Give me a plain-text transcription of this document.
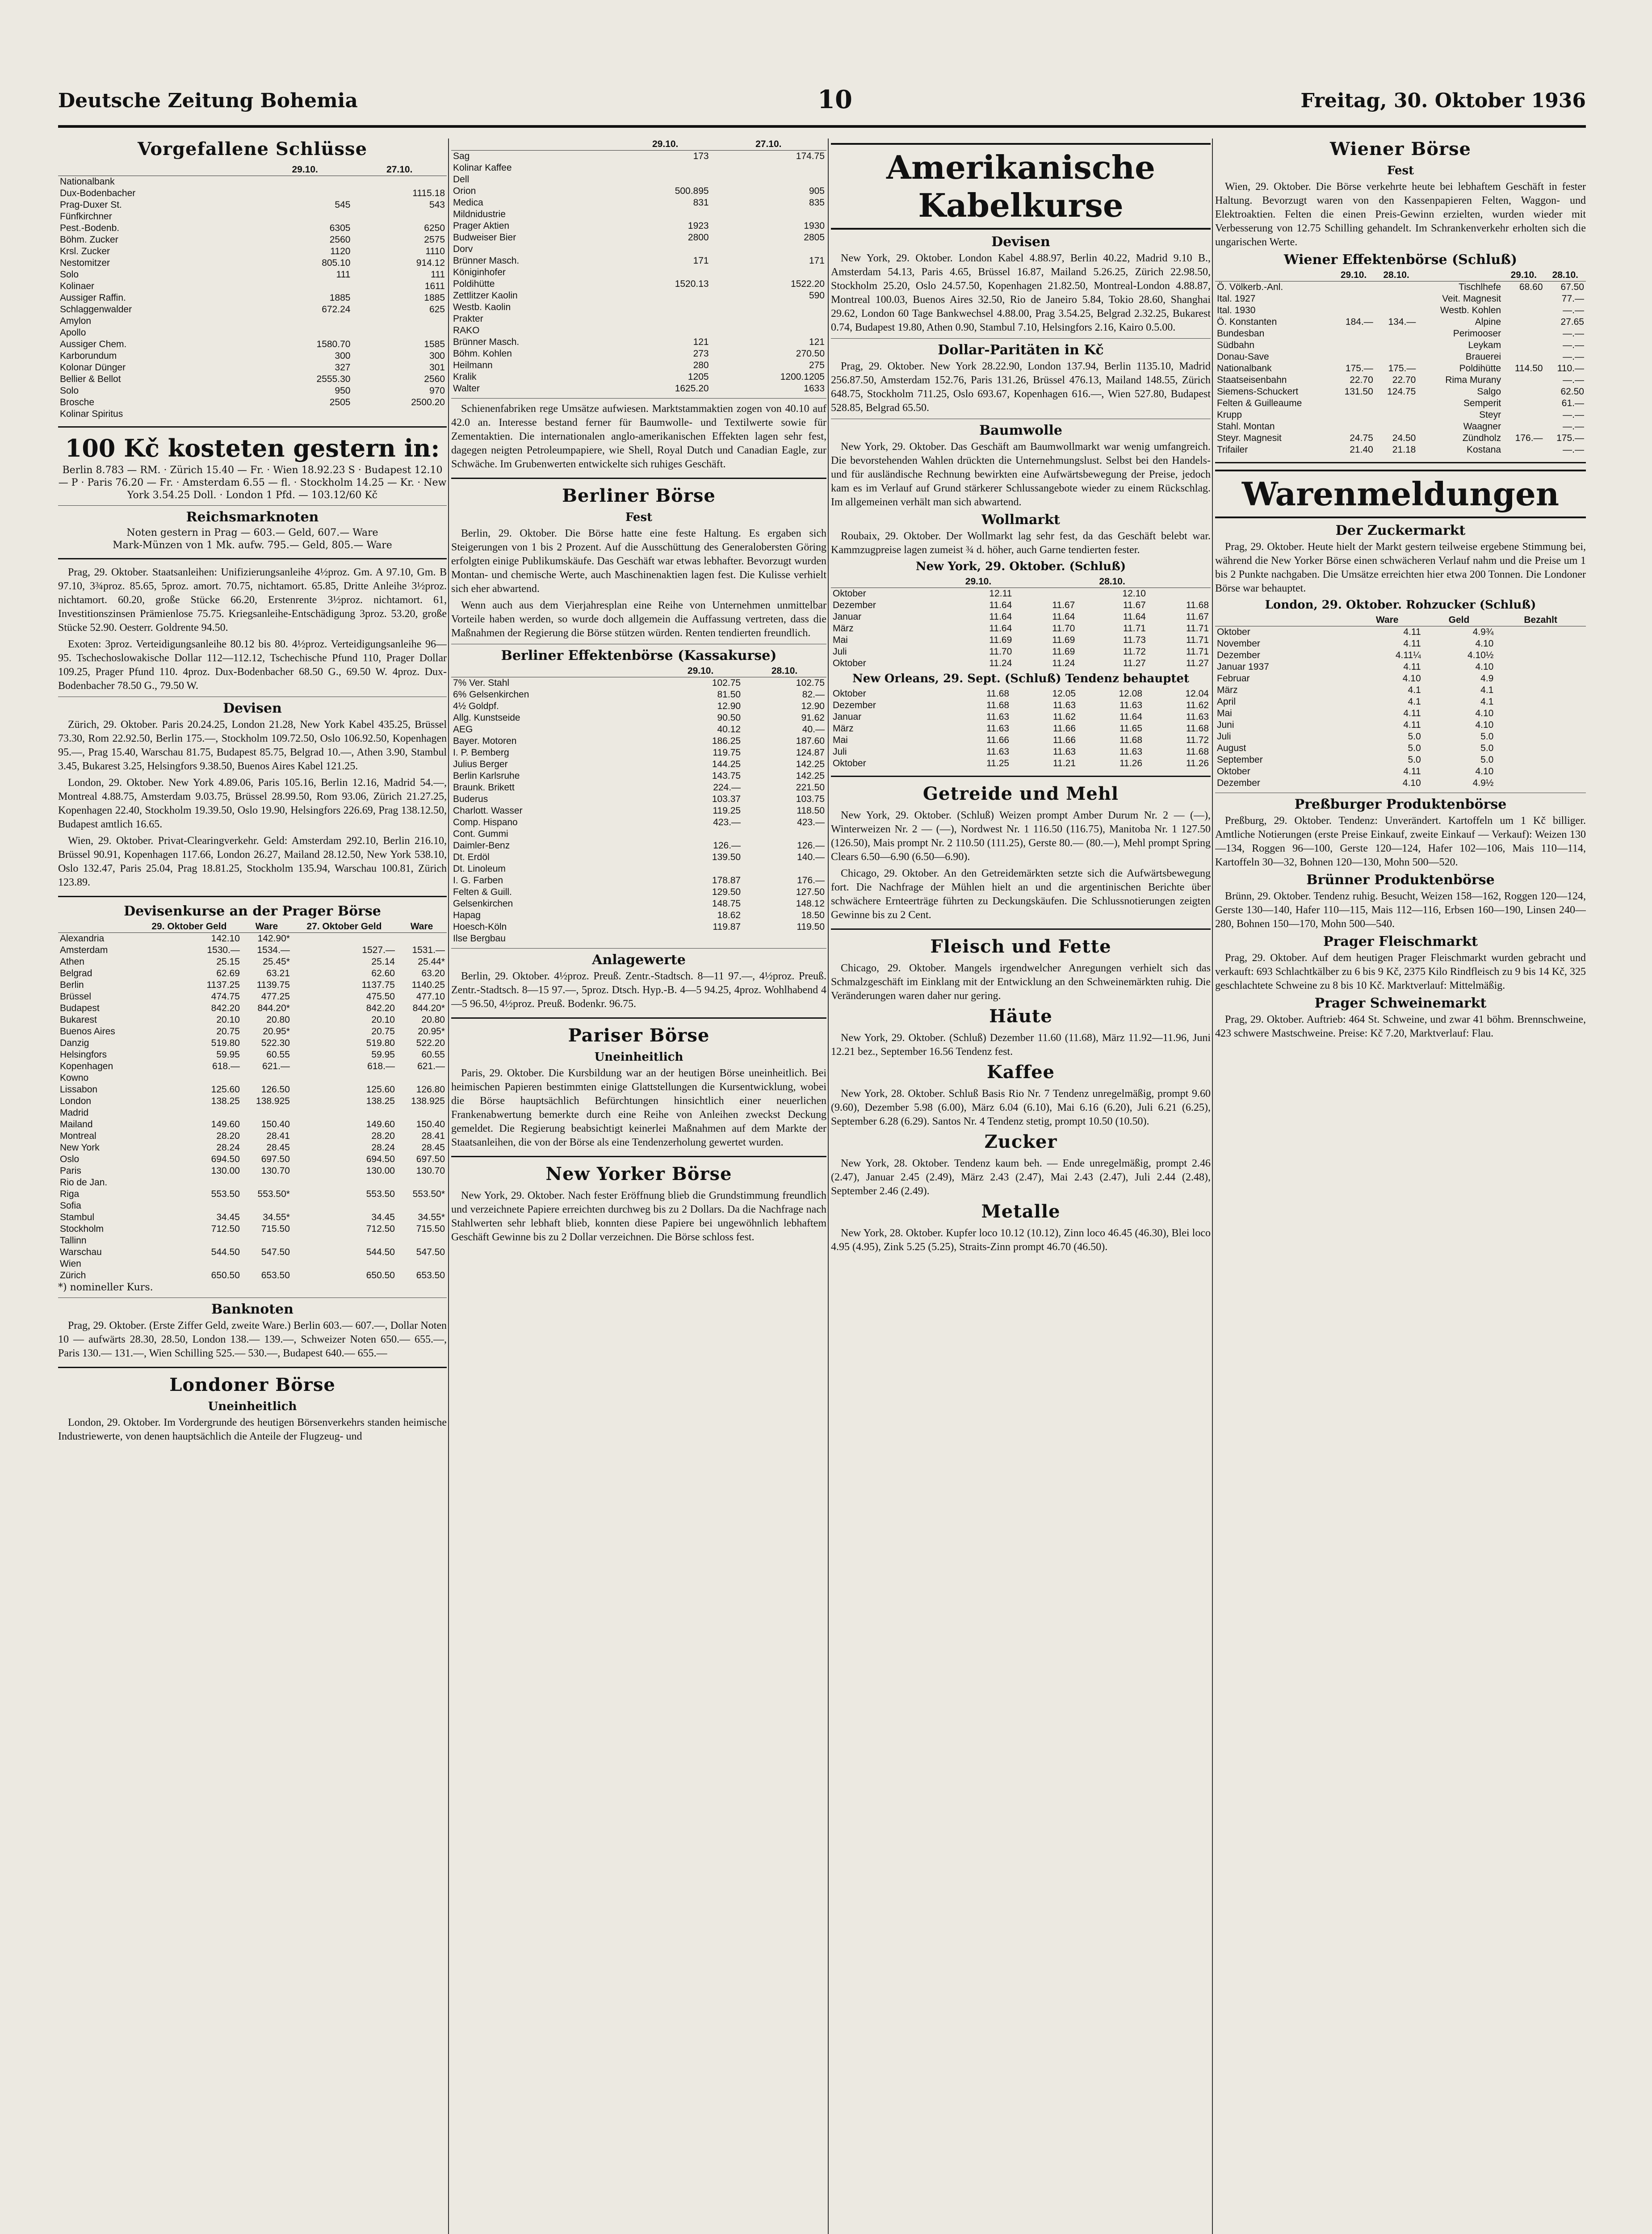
Deutsche Zeitung Bohemia	10	Freitag, 30. Oktober 1936
Vorgefallene Schlüsse
	29.10.	27.10.
Nationalbank		
Dux-Bodenbacher		1115.18
Prag-Duxer St.	545	543
Fünfkirchner		
Pest.-Bodenb.	6305	6250
Böhm. Zucker	2560	2575
Krsl. Zucker	1120	1110
Nestomitzer	805.10	914.12
Solo	111	111
Kolinaer		1611
Aussiger Raffin.	1885	1885
Schlaggenwalder	672.24	625
Amylon		
Apollo		
Aussiger Chem.	1580.70	1585
Karborundum	300	300
Kolonar Dünger	327	301
Bellier & Bellot	2555.30	2560
Solo	950	970
Brosche	2505	2500.20
Kolinar Spiritus		
100 Kč kosteten gestern in:

Berlin 8.783 — RM. · Zürich 15.40 — Fr. · Wien 18.92.23 S · Budapest 12.10 — P · Paris 76.20 — Fr. · Amsterdam 6.55 — fl. · Stockholm 14.25 — Kr. · New York 3.54.25 Doll. · London 1 Pfd. — 103.12/60 Kč

Reichsmarknoten

Noten gestern in Prag — 603.— Geld, 607.— Ware

Mark-Münzen von 1 Mk. aufw. 795.— Geld, 805.— Ware

Prag, 29. Oktober. Staatsanleihen: Unifizierungsanleihe 4½proz. Gm. A 97.10, Gm. B 97.10, 3¾proz. 85.65, 5proz. amort. 70.75, nichtamort. 65.85, Dritte Anleihe 3½proz. nichtamort. 60.20, große Stücke 66.20, Erstenrente 3½proz. nichtamort. 61, Investitionszinsen Prämienlose 75.75. Kriegsanleihe-Entschädigung 3proz. 53.20, große Stücke 52.90. Oesterr. Goldrente 94.50.

Exoten: 3proz. Verteidigungsanleihe 80.12 bis 80. 4½proz. Verteidigungsanleihe 96—95. Tschechoslowakische Dollar 112—112.12, Tschechische Pfund 110, Prager Dollar 109.25, Prager Pfund 110. 4proz. Dux-Bodenbacher 68.50 G., 69.50 W. 4proz. Dux-Bodenbacher 78.50 G., 79.50 W.

Devisen

Zürich, 29. Oktober. Paris 20.24.25, London 21.28, New York Kabel 435.25, Brüssel 73.30, Rom 22.92.50, Berlin 175.—, Stockholm 109.72.50, Oslo 106.92.50, Kopenhagen 95.—, Prag 15.40, Warschau 81.75, Budapest 85.75, Belgrad 10.—, Athen 3.90, Stambul 3.45, Bukarest 3.25, Helsingfors 9.38.50, Buenos Aires Kabel 121.25.

London, 29. Oktober. New York 4.89.06, Paris 105.16, Berlin 12.16, Madrid 54.—, Montreal 4.88.75, Amsterdam 9.03.75, Brüssel 28.99.50, Rom 93.06, Zürich 21.27.25, Kopenhagen 22.40, Stockholm 19.39.50, Oslo 19.90, Helsingfors 226.69, Prag 138.12.50, Budapest amtlich 16.65.

Wien, 29. Oktober. Privat-Clearingverkehr. Geld: Amsterdam 292.10, Berlin 216.10, Brüssel 90.91, Kopenhagen 117.66, London 26.27, Mailand 28.12.50, New York 538.10, Oslo 132.47, Paris 25.04, Prag 18.81.25, Stockholm 135.94, Warschau 100.81, Zürich 123.89.

Devisenkurse an der Prager Börse
	29. Oktober Geld	Ware	27. Oktober Geld	Ware
Alexandria	142.10	142.90*		
Amsterdam	1530.—	1534.—	1527.—	1531.—
Athen	25.15	25.45*	25.14	25.44*
Belgrad	62.69	63.21	62.60	63.20
Berlin	1137.25	1139.75	1137.75	1140.25
Brüssel	474.75	477.25	475.50	477.10
Budapest	842.20	844.20*	842.20	844.20*
Bukarest	20.10	20.80	20.10	20.80
Buenos Aires	20.75	20.95*	20.75	20.95*
Danzig	519.80	522.30	519.80	522.20
Helsingfors	59.95	60.55	59.95	60.55
Kopenhagen	618.—	621.—	618.—	621.—
Kowno				
Lissabon	125.60	126.50	125.60	126.80
London	138.25	138.925	138.25	138.925
Madrid				
Mailand	149.60	150.40	149.60	150.40
Montreal	28.20	28.41	28.20	28.41
New York	28.24	28.45	28.24	28.45
Oslo	694.50	697.50	694.50	697.50
Paris	130.00	130.70	130.00	130.70
Rio de Jan.				
Riga	553.50	553.50*	553.50	553.50*
Sofia				
Stambul	34.45	34.55*	34.45	34.55*
Stockholm	712.50	715.50	712.50	715.50
Tallinn				
Warschau	544.50	547.50	544.50	547.50
Wien				
Zürich	650.50	653.50	650.50	653.50

*) nomineller Kurs.

Banknoten

Prag, 29. Oktober. (Erste Ziffer Geld, zweite Ware.) Berlin 603.— 607.—, Dollar Noten 10 — aufwärts 28.30, 28.50, London 138.— 139.—, Schweizer Noten 650.— 655.—, Paris 130.— 131.—, Wien Schilling 525.— 530.—, Budapest 640.— 655.—

Londoner Börse
Uneinheitlich

London, 29. Oktober. Im Vordergrunde des heutigen Börsenverkehrs standen heimische Industriewerte, von denen hauptsächlich die Anteile der Flugzeug- und

	29.10.	27.10.
Sag	173	174.75
Kolinar Kaffee		
Dell		
Orion	500.895	905
Medica	831	835
Mildnidustrie		
Prager Aktien	1923	1930
Budweiser Bier	2800	2805
Dorv		
Brünner Masch.	171	171
Königinhofer		
Poldihütte	1520.13	1522.20
Zettlitzer Kaolin		590
Westb. Kaolin		
Prakter		
RAKO		
Brünner Masch.	121	121
Böhm. Kohlen	273	270.50
Heilmann	280	275
Kralik	1205	1200.1205
Walter	1625.20	1633

Schienenfabriken rege Umsätze aufwiesen. Marktstammaktien zogen von 40.10 auf 42.0 an. Interesse bestand ferner für Baumwolle- und Textilwerte sowie für Zementaktien. Die internationalen anglo-amerikanischen Effekten lagen sehr fest, dagegen neigten Petroleumpapiere, wie Shell, Royal Dutch und Canadian Eagle, zur Schwäche. Im Grubenwerten entwickelte sich ruhiges Geschäft.

Berliner Börse
Fest

Berlin, 29. Oktober. Die Börse hatte eine feste Haltung. Es ergaben sich Steigerungen von 1 bis 2 Prozent. Auf die Ausschüttung des Generalobersten Göring erfolgten einige Publikumskäufe. Das Geschäft war etwas lebhafter. Bevorzugt wurden Montan- und chemische Werte, auch Maschinenaktien lagen fest. Die Kulisse verhielt sich eher abwartend.

Wenn auch aus dem Vierjahresplan eine Reihe von Unternehmen unmittelbar Vorteile haben werden, so wurde doch allgemein die Auffassung vertreten, dass die Maßnahmen der Regierung die Börse stützen würden. Renten tendierten freundlich.

Berliner Effektenbörse (Kassakurse)
	29.10.	28.10.
7% Ver. Stahl	102.75	102.75
6% Gelsenkirchen	81.50	82.—
4½ Goldpf.	12.90	12.90
Allg. Kunstseide	90.50	91.62
AEG	40.12	40.—
Bayer. Motoren	186.25	187.60
I. P. Bemberg	119.75	124.87
Julius Berger	144.25	142.25
Berlin Karlsruhe	143.75	142.25
Braunk. Brikett	224.—	221.50
Buderus	103.37	103.75
Charlott. Wasser	119.25	118.50
Comp. Hispano	423.—	423.—
Cont. Gummi		
Daimler-Benz	126.—	126.—
Dt. Erdöl	139.50	140.—
Dt. Linoleum		
I. G. Farben	178.87	176.—
Felten & Guill.	129.50	127.50
Gelsenkirchen	148.75	148.12
Hapag	18.62	18.50
Hoesch-Köln	119.87	119.50
Ilse Bergbau		
Anlagewerte

Berlin, 29. Oktober. 4½proz. Preuß. Zentr.-Stadtsch. 8—11 97.—, 4½proz. Preuß. Zentr.-Stadtsch. 8—15 97.—, 5proz. Dtsch. Hyp.-B. 4—5 94.25, 4proz. Wohlhabend 4—5 96.50, 4½proz. Preuß. Bodenkr. 96.75.

Pariser Börse
Uneinheitlich

Paris, 29. Oktober. Die Kursbildung war an der heutigen Börse uneinheitlich. Bei heimischen Papieren bestimmten einige Glattstellungen die Kursentwicklung, wobei die Börse hauptsächlich Befürchtungen hinsichtlich einer neuerlichen Frankenabwertung bemerkte durch eine Reihe von Anleihen zweckst Deckung gemeldet. Die Regierung beabsichtigt keinerlei Maßnahmen auf dem Markte der Staatsanleihen, die von der Börse als eine Tendenzerholung gewertet wurden.

New Yorker Börse

New York, 29. Oktober. Nach fester Eröffnung blieb die Grundstimmung freundlich und verzeichnete Papiere erreichten durchweg bis zu 2 Dollars. Da die Nachfrage nach Stahlwerten sehr lebhaft blieb, konnten diese Papiere bei ungewöhnlich lebhaftem Geschäft Gewinne bis zu 2 Dollar verzeichnen. Die Börse schloss fest.

Amerikanische Kabelkurse
Devisen

New York, 29. Oktober. London Kabel 4.88.97, Berlin 40.22, Madrid 9.10 B., Amsterdam 54.13, Paris 4.65, Brüssel 16.87, Mailand 5.26.25, Zürich 22.98.50, Stockholm 25.20, Oslo 24.57.50, Kopenhagen 21.82.50, Montreal-London 4.88.87, Montreal 100.03, Buenos Aires 32.50, Rio de Janeiro 5.84, Tokio 28.60, Shanghai 29.62, London 60 Tage Bankwechsel 4.88.00, Prag 3.54.25, Belgrad 2.32.25, Bukarest 0.74, Budapest 19.80, Athen 0.90, Stambul 7.10, Helsingfors 2.16, Kairo 0.5.00.

Dollar-Paritäten in Kč

Prag, 29. Oktober. New York 28.22.90, London 137.94, Berlin 1135.10, Madrid 256.87.50, Amsterdam 152.76, Paris 131.26, Brüssel 476.13, Mailand 148.55, Zürich 648.75, Stockholm 711.25, Oslo 693.67, Kopenhagen 616.—, Wien 527.80, Budapest 528.85, Belgrad 65.50.

Baumwolle

New York, 29. Oktober. Das Geschäft am Baumwollmarkt war wenig umfangreich. Die bevorstehenden Wahlen drückten die Unternehmungslust. Selbst bei den Handels- und für ausländische Rechnung bewirkten eine Aufwärtsbewegung der Preise, jedoch kam es im Verlauf auf Grund stärkerer Schlussangebote wieder zu einem Rückschlag. Im allgemeinen verhält man sich abwartend.

Wollmarkt

Roubaix, 29. Oktober. Der Wollmarkt lag sehr fest, da das Geschäft belebt war. Kammzugpreise lagen zumeist ¾ d. höher, auch Garne tendierten fester.

New York, 29. Oktober. (Schluß)
	29.10.		28.10.	
Oktober	12.11		12.10	
Dezember	11.64	11.67	11.67	11.68
Januar	11.64	11.64	11.64	11.67
März	11.64	11.70	11.71	11.71
Mai	11.69	11.69	11.73	11.71
Juli	11.70	11.69	11.72	11.71
Oktober	11.24	11.24	11.27	11.27
New Orleans, 29. Sept. (Schluß) Tendenz behauptet
Oktober	11.68	12.05	12.08	12.04
Dezember	11.68	11.63	11.63	11.62
Januar	11.63	11.62	11.64	11.63
März	11.63	11.66	11.65	11.68
Mai	11.66	11.66	11.68	11.72
Juli	11.63	11.63	11.63	11.68
Oktober	11.25	11.21	11.26	11.26
Getreide und Mehl

New York, 29. Oktober. (Schluß) Weizen prompt Amber Durum Nr. 2 — (—), Winterweizen Nr. 2 — (—), Nordwest Nr. 1 116.50 (116.75), Manitoba Nr. 1 127.50 (126.50), Mais prompt Nr. 2 110.50 (111.25), Gerste 80.— (80.—), Mehl prompt Spring Clears 6.50—6.90 (6.50—6.90).

Chicago, 29. Oktober. An den Getreidemärkten setzte sich die Aufwärtsbewegung fort. Die Nachfrage der Mühlen hielt an und die argentinischen Berichte über schwächere Ernteerträge führten zu Deckungskäufen. Die Schlussnotierungen zeigten Gewinne bis zu 2 Cent.

Fleisch und Fette

Chicago, 29. Oktober. Mangels irgendwelcher Anregungen verhielt sich das Schmalzgeschäft im Einklang mit der Entwicklung an den Schweinemärkten ruhig. Die Veränderungen waren daher nur gering.

Häute

New York, 29. Oktober. (Schluß) Dezember 11.60 (11.68), März 11.92—11.96, Juni 12.21 bez., September 16.56 Tendenz fest.

Kaffee

New York, 28. Oktober. Schluß Basis Rio Nr. 7 Tendenz unregelmäßig, prompt 9.60 (9.60), Dezember 5.98 (6.00), März 6.04 (6.10), Mai 6.16 (6.20), Juli 6.21 (6.25), September 6.28 (6.29). Santos Nr. 4 Tendenz stetig, prompt 10.50 (10.50).

Zucker

New York, 28. Oktober. Tendenz kaum beh. — Ende unregelmäßig, prompt 2.46 (2.47), Januar 2.45 (2.49), März 2.43 (2.47), Mai 2.43 (2.47), Juli 2.44 (2.48), September 2.46 (2.49).

Metalle

New York, 28. Oktober. Kupfer loco 10.12 (10.12), Zinn loco 46.45 (46.30), Blei loco 4.95 (4.95), Zink 5.25 (5.25), Straits-Zinn prompt 46.70 (46.50).

Wiener Börse
Fest

Wien, 29. Oktober. Die Börse verkehrte heute bei lebhaftem Geschäft in fester Haltung. Bevorzugt waren von den Kassenpapieren Felten, Waggon- und Elektroaktien. Felten die einen Preis-Gewinn erzielten, wurden wieder mit Verbesserung von 12.75 Schilling gehandelt. Im Schrankenverkehr erholten sich die ungarischen Werte.

Wiener Effektenbörse (Schluß)
	29.10.	28.10.		29.10.	28.10.
Ö. Völkerb.-Anl.			Tischlhefe	68.60	67.50
Ital. 1927			Veit. Magnesit		77.—
Ital. 1930			Westb. Kohlen		—.—
Ö. Konstanten	184.—	134.—	Alpine		27.65
Bundesban			Perimooser		—.—
Südbahn			Leykam		—.—
Donau-Save			Brauerei		—.—
Nationalbank	175.—	175.—	Poldihütte	114.50	110.—
Staatseisenbahn	22.70	22.70	Rima Murany		—.—
Siemens-Schuckert	131.50	124.75	Salgo		62.50
Felten & Guilleaume			Semperit		61.—
Krupp			Steyr		—.—
Stahl. Montan			Waagner		—.—
Steyr. Magnesit	24.75	24.50	Zündholz	176.—	175.—
Trifailer	21.40	21.18	Kostana		—.—
Warenmeldungen
Der Zuckermarkt

Prag, 29. Oktober. Heute hielt der Markt gestern teilweise ergebene Stimmung bei, während die New Yorker Börse einen schwächeren Verlauf nahm und die Preise um 1 bis 2 Punkte nachgaben. Die Umsätze erreichten hier etwa 200 Tonnen. Die Londoner Börse war behauptet.

London, 29. Oktober. Rohzucker (Schluß)
	Ware	Geld	Bezahlt
Oktober	4.11	4.9¾	
November	4.11	4.10	
Dezember	4.11¼	4.10½	
Januar 1937	4.11	4.10	
Februar	4.10	4.9	
März	4.1	4.1	
April	4.1	4.1	
Mai	4.11	4.10	
Juni	4.11	4.10	
Juli	5.0	5.0	
August	5.0	5.0	
September	5.0	5.0	
Oktober	4.11	4.10	
Dezember	4.10	4.9½	
Preßburger Produktenbörse

Preßburg, 29. Oktober. Tendenz: Unverändert. Kartoffeln um 1 Kč billiger. Amtliche Notierungen (erste Preise Einkauf, zweite Einkauf — Verkauf): Weizen 130—134, Roggen 96—100, Gerste 120—124, Hafer 102—106, Mais 110—114, Kartoffeln 30—32, Bohnen 120—130, Mohn 500—520.

Brünner Produktenbörse

Brünn, 29. Oktober. Tendenz ruhig. Besucht, Weizen 158—162, Roggen 120—124, Gerste 130—140, Hafer 110—115, Mais 112—116, Erbsen 160—190, Linsen 240—280, Bohnen 150—170, Mohn 500—540.

Prager Fleischmarkt

Prag, 29. Oktober. Auf dem heutigen Prager Fleischmarkt wurden gebracht und verkauft: 693 Schlachtkälber zu 6 bis 9 Kč, 2375 Kilo Rindfleisch zu 9 bis 14 Kč, 325 geschlachtete Schweine zu 8 bis 10 Kč. Marktverlauf: Mittelmäßig.

Prager Schweinemarkt

Prag, 29. Oktober. Auftrieb: 464 St. Schweine, und zwar 41 böhm. Brennschweine, 423 schwere Mastschweine. Preise: Kč 7.20, Marktverlauf: Flau.
